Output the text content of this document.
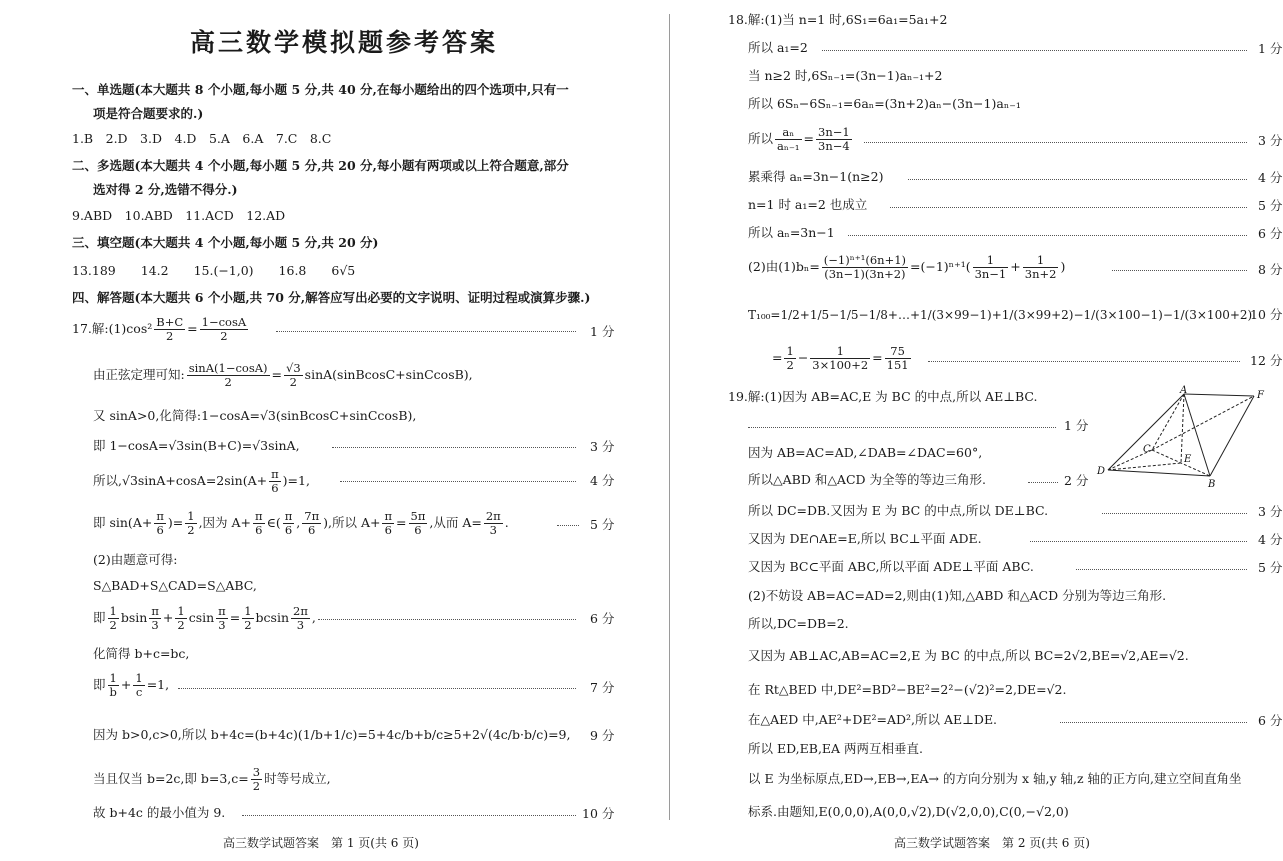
高三数学模拟题参考答案
一、单选题(本大题共 8 个小题,每小题 5 分,共 40 分,在每小题给出的四个选项中,只有一
项是符合题要求的.)
1.B　2.D　3.D　4.D　5.A　6.A　7.C　8.C
二、多选题(本大题共 4 个小题,每小题 5 分,共 20 分,每小题有两项或以上符合题意,部分
选对得 2 分,选错不得分.)
9.ABD　10.ABD　11.ACD　12.AD
三、填空题(本大题共 4 个小题,每小题 5 分,共 20 分)
13.189　　14.2　　15.(−1,0)　　16.8　　6√5
四、解答题(本大题共 6 个小题,共 70 分,解答应写出必要的文字说明、证明过程或演算步骤.)
17.解:(1)cos² $\frac{B+C}{2} = \frac{1-\cos A}{2}$	1 分
由正弦定理可知: $\frac{\sin A(1-\cos A)}{2} = \frac{√3}{2}$ sinA(sinBcosC+sinCcosB),
又 sinA>0,化简得:1−cosA=√3(sinBcosC+sinCcosB),
即 1−cosA=√3sin(B+C)=√3sinA,	3 分
所以$,√3\sin A+\cos A=2\sin(A+ \frac{\pi}{6} )=1$,	4 分
即 $\sin(A+ \frac{\pi}{6}$ )= $\frac{1}{2}$ ,因为 $A+ \frac{\pi}{6}$ ∈( $\frac{\pi}{6}$ , $\frac{7\pi}{6}$ ),所以 $A+ \frac{\pi}{6} = \frac{5\pi}{6}$ ,从而 $A= \frac{2\pi}{3}$ .	5 分
(2)由题意可得:
S△BAD+S△CAD=S△ABC,
即 $\frac{1}{2}$ bsin $\frac{\pi}{3} + \frac{1}{2}$ csin $\frac{\pi}{3} = \frac{1}{2}$ bcsin $\frac{2\pi}{3}$ ,	6 分
化简得 b+c=bc,
即 $\frac{1}{b} + \frac{1}{c} =1$,	7 分
因为 b>0,c>0,所以 b+4c=(b+4c)(1/b+1/c)=5+4c/b+b/c≥5+2√(4c/b·b/c)=9, 9 分
当且仅当 b=2c,即 $b=3,c= \frac{3}{2}$ 时等号成立,
故 b+4c 的最小值为 9.	10 分
高三数学试题答案　第 1 页(共 6 页)
18.解:(1)当 n=1 时,6S₁=6a₁=5a₁+2
所以 a₁=2	1 分
当 n≥2 时,6Sₙ₋₁=(3n−1)aₙ₋₁+2
所以 6Sₙ−6Sₙ₋₁=6aₙ=(3n+2)aₙ−(3n−1)aₙ₋₁
所以 $\frac{\text{aₙ}}{\text{aₙ₋₁}} = \frac{3n-1}{3n-4}$	3 分
累乘得 aₙ=3n−1(n≥2)	4 分
n=1 时 a₁=2 也成立	5 分
所以 aₙ=3n−1	6 分
(2)由$(1)b_n= \frac{\text{(−1)ⁿ⁺¹(6n+1)}}{(3n-1)(3n+2)} =(-1)^{n+1}( \frac{1}{3n-1} + \frac{1}{3n+2}$ )	8 分
T₁₀₀=1/2+1/5−1/5−1/8+…+1/(3×99−1)+1/(3×99+2)−1/(3×100−1)−1/(3×100+2)
10 分
= $\frac{1}{2} - \frac{1}{3\times 100+2} = \frac{75}{151}$	12 分
19.解:(1)因为 AB=AC,E 为 BC 的中点,所以 AE⊥BC.
1 分
因为 AB=AC=AD,∠DAB=∠DAC=60°,
所以△ABD 和△ACD 为全等的等边三角形.	2 分
A	F
C
E
D
B
所以 DC=DB.又因为 E 为 BC 的中点,所以 DE⊥BC.	3 分
又因为 DE∩AE=E,所以 BC⊥平面 ADE.	4 分
又因为 BC⊂平面 ABC,所以平面 ADE⊥平面 ABC.	5 分
(2)不妨设 AB=AC=AD=2,则由(1)知,△ABD 和△ACD 分别为等边三角形.
所以,DC=DB=2.
又因为 AB⊥AC,AB=AC=2,E 为 BC 的中点,所以 BC=2√2,BE=√2,AE=√2.
在 Rt△BED 中,DE²=BD²−BE²=2²−(√2)²=2,DE=√2.
在△AED 中,AE²+DE²=AD²,所以 AE⊥DE.	6 分
所以 ED,EB,EA 两两互相垂直.
以 E 为坐标原点,ED→,EB→,EA→ 的方向分别为 x 轴,y 轴,z 轴的正方向,建立空间直角坐
标系.由题知,E(0,0,0),A(0,0,√2),D(√2,0,0),C(0,−√2,0)
高三数学试题答案　第 2 页(共 6 页)
